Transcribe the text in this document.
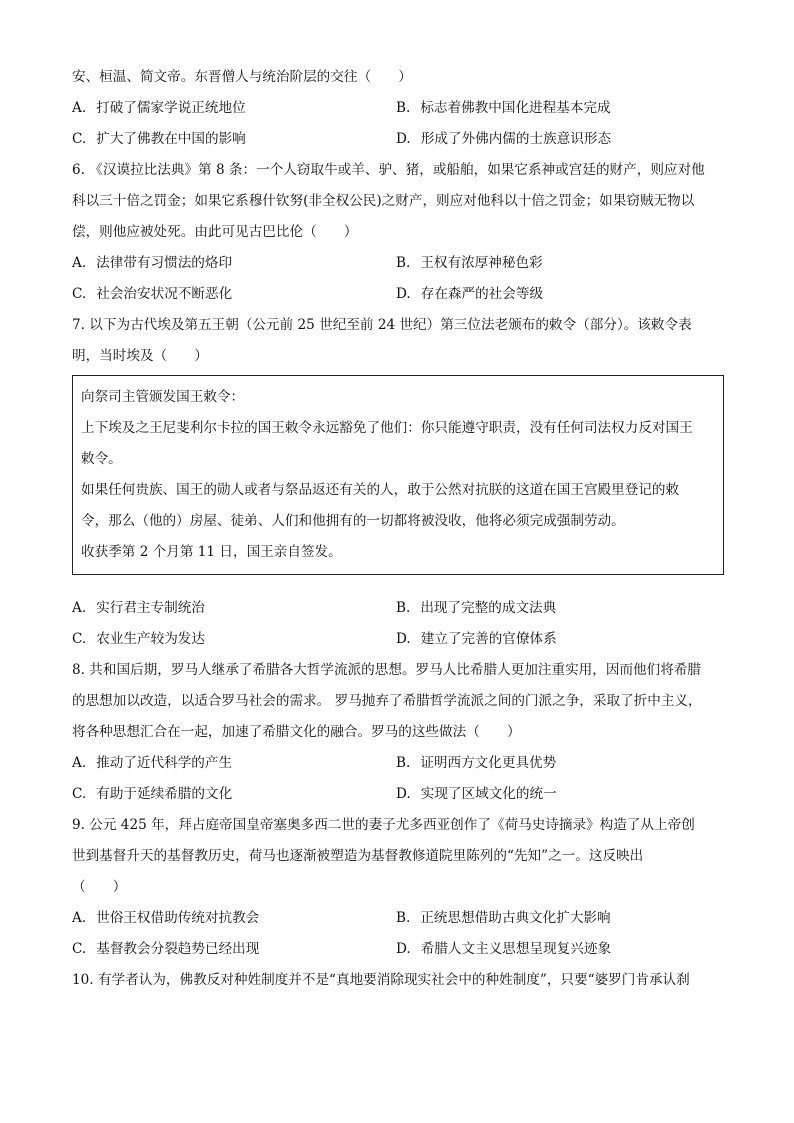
安、桓温、简文帝。东晋僧人与统治阶层的交往（　　）
A. 打破了儒家学说正统地位	B. 标志着佛教中国化进程基本完成
C. 扩大了佛教在中国的影响	D. 形成了外佛内儒的士族意识形态
6. 《汉谟拉比法典》第 8 条：一个人窃取牛或羊、驴、猪，或船舶，如果它系神或宫廷的财产，则应对他
科以三十倍之罚金；如果它系穆什钦努(非全权公民)之财产，则应对他科以十倍之罚金；如果窃贼无物以
偿，则他应被处死。由此可见古巴比伦（　　）
A. 法律带有习惯法的烙印	B. 王权有浓厚神秘色彩
C. 社会治安状况不断恶化	D. 存在森严的社会等级
7. 以下为古代埃及第五王朝（公元前 25 世纪至前 24 世纪）第三位法老颁布的敕令（部分）。该敕令表
明，当时埃及（　　）
向祭司主管颁发国王敕令：
上下埃及之王尼斐利尔卡拉的国王敕令永远豁免了他们：你只能遵守职责，没有任何司法权力反对国王
敕令。
如果任何贵族、国王的勋人或者与祭品返还有关的人，敢于公然对抗朕的这道在国王宫殿里登记的敕
令，那么（他的）房屋、徒弟、人们和他拥有的一切都将被没收，他将必须完成强制劳动。
收获季第 2 个月第 11 日，国王亲自签发。
A. 实行君主专制统治	B. 出现了完整的成文法典
C. 农业生产较为发达	D. 建立了完善的官僚体系
8. 共和国后期，罗马人继承了希腊各大哲学流派的思想。罗马人比希腊人更加注重实用，因而他们将希腊
的思想加以改造，以适合罗马社会的需求。 罗马抛弃了希腊哲学流派之间的门派之争，采取了折中主义，
将各种思想汇合在一起，加速了希腊文化的融合。罗马的这些做法（　　）
A. 推动了近代科学的产生	B. 证明西方文化更具优势
C. 有助于延续希腊的文化	D. 实现了区域文化的统一
9. 公元 425 年，拜占庭帝国皇帝塞奥多西二世的妻子尤多西亚创作了《荷马史诗摘录》构造了从上帝创
世到基督升天的基督教历史，荷马也逐渐被塑造为基督教修道院里陈列的“先知”之一。这反映出
（　　）
A. 世俗王权借助传统对抗教会	B. 正统思想借助古典文化扩大影响
C. 基督教会分裂趋势已经出现	D. 希腊人文主义思想呈现复兴迹象
10. 有学者认为，佛教反对种姓制度并不是“真地要消除现实社会中的种姓制度”，只要“婆罗门肯承认刹
